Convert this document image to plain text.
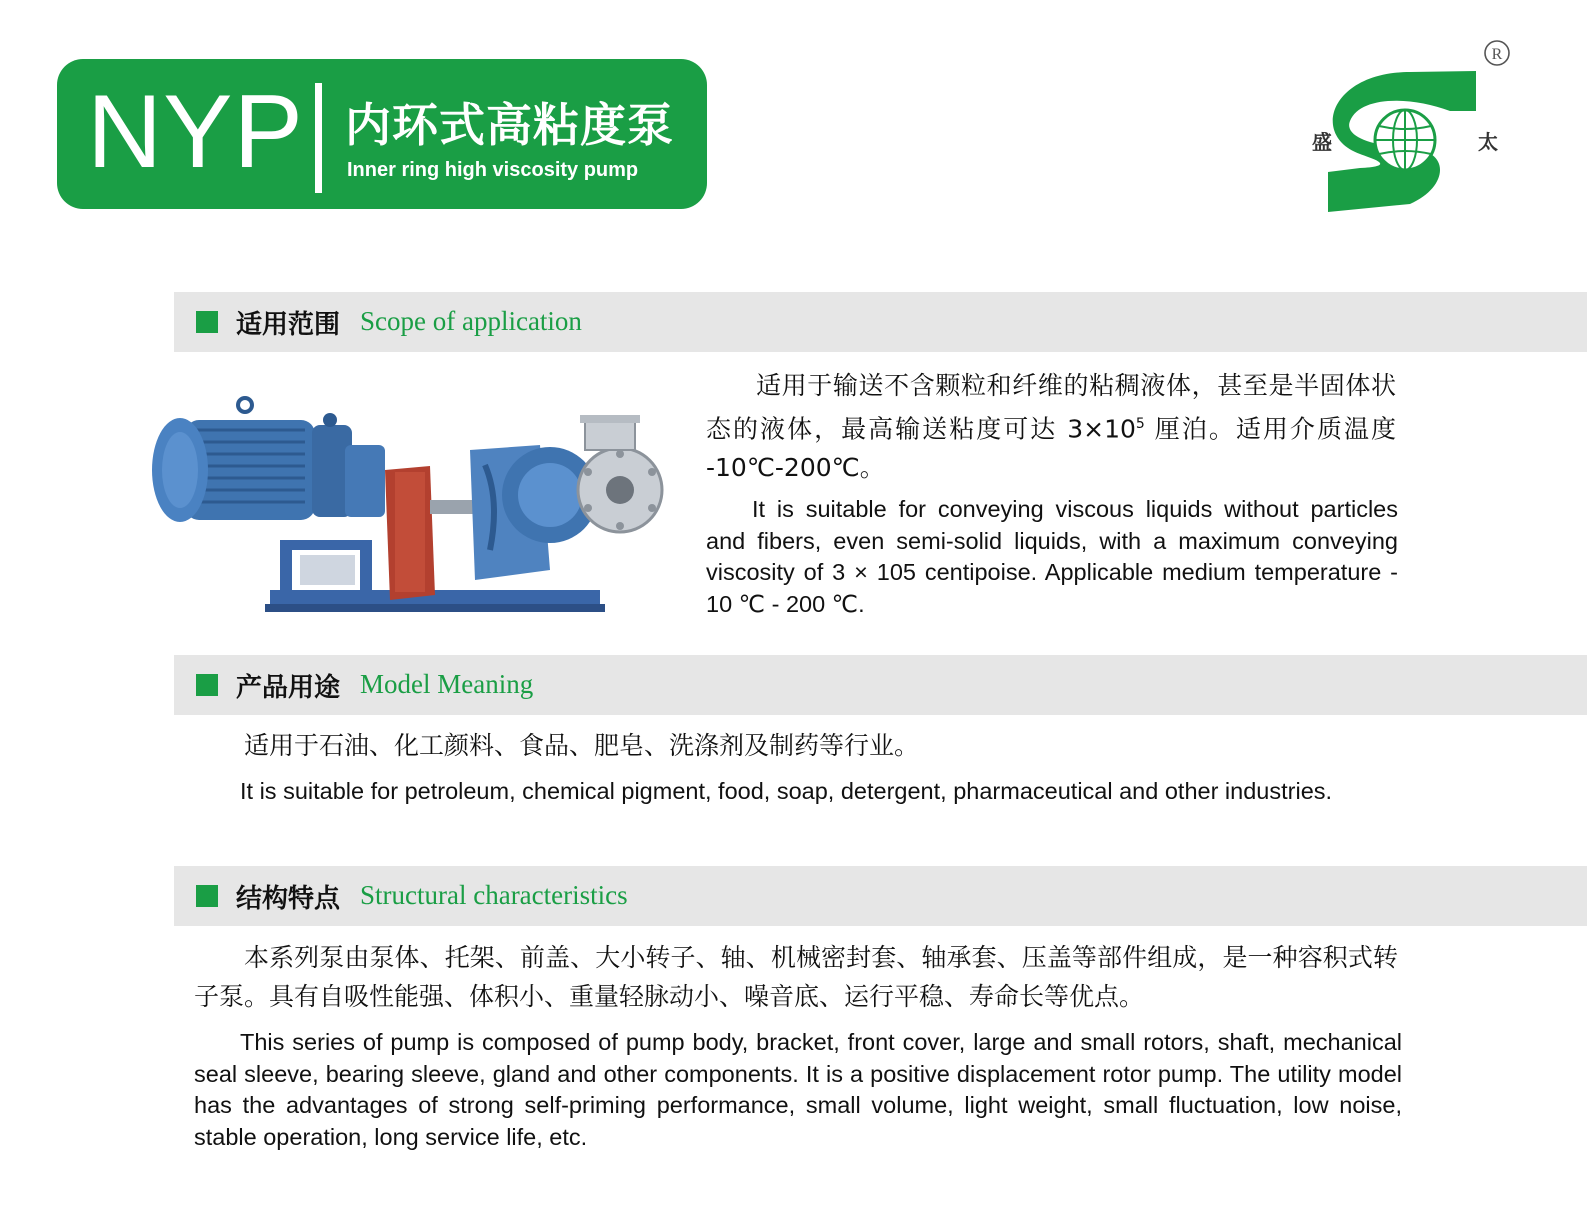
NYP 内环式高粘度泵
Inner ring high viscosity pump
R
盛	太
适用范围 Scope of application
适用于输送不含颗粒和纤维的粘稠液体，甚至是半固体状态的液体，最高输送粘度可达 $3\times 10^5$ 厘泊。适用介质温度 -10℃-200℃。
It is suitable for conveying viscous liquids without particles and fibers, even semi-solid liquids, with a maximum conveying viscosity of 3 × 105 centipoise. Applicable medium temperature - 10 ℃ - 200 ℃.
产品用途 Model Meaning
适用于石油、化工颜料、食品、肥皂、洗涤剂及制药等行业。
It is suitable for petroleum, chemical pigment, food, soap, detergent, pharmaceutical and other industries.
结构特点 Structural characteristics
本系列泵由泵体、托架、前盖、大小转子、轴、机械密封套、轴承套、压盖等部件组成，是一种容积式转子泵。具有自吸性能强、体积小、重量轻脉动小、噪音底、运行平稳、寿命长等优点。
This series of pump is composed of pump body, bracket, front cover, large and small rotors, shaft, mechanical seal sleeve, bearing sleeve, gland and other components. It is a positive displacement rotor pump. The utility model has the advantages of strong self-priming performance, small volume, light weight, small fluctuation, low noise, stable operation, long service life, etc.
